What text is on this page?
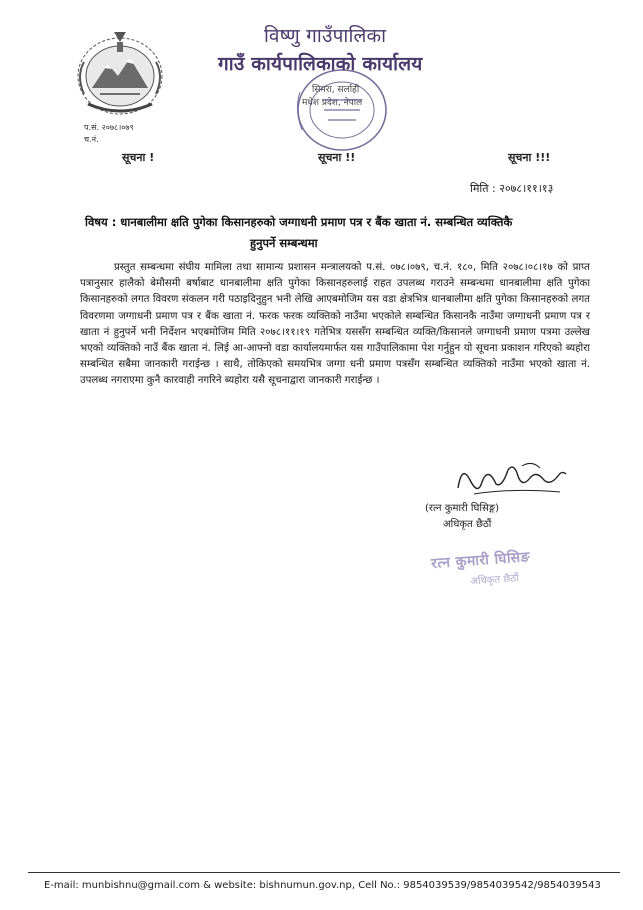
प.सं. २०७८।०७९
च.नं.
विष्णु गाउँपालिका
गाउँ कार्यपालिकाको कार्यालय
सिमरा, सर्लाही
मधेश प्रदेश, नेपाल
सूचना !	सूचना !!	सूचना !!!
मिति : २०७८।११।१३
विषय : धानबालीमा क्षति पुगेका किसानहरुको जग्गाधनी प्रमाण पत्र र बैंक खाता नं. सम्बन्धित व्यक्तिकै
हुनुपर्ने सम्बन्धमा

प्रस्तुत सम्बन्धमा संघीय मामिला तथा सामान्य प्रशासन मन्त्रालयको प.सं. ०७८।०७९, च.नं. १८०, मिति २०७८।०८।१७ को प्राप्त पत्रानुसार हालैको बेमौसमी बर्षाबाट धानबालीमा क्षति पुगेका किसानहरुलाई राहत उपलब्ध गराउने सम्बन्धमा धानबालीमा क्षति पुगेका किसानहरुको लगत विवरण संकलन गरी पठाइदिनुहुन भनी लेखि आएबमोजिम यस वडा क्षेत्रभित्र धानबालीमा क्षति पुगेका किसानहरुको लगत विवरणमा जग्गाधनी प्रमाण पत्र र बैंक खाता नं. फरक फरक व्यक्तिको नाउँमा भएकोले सम्बन्धित किसानकै नाउँमा जग्गाधनी प्रमाण पत्र र खाता नं हुनुपर्ने भनी निर्देशन भएबमोजिम मिति २०७८।११।१९ गतेभित्र यससँग सम्बन्धित व्यक्ति/किसानले जग्गाधनी प्रमाण पत्रमा उल्लेख भएको व्यक्तिको नाउँ बैंक खाता नं. लिई आ-आफ्नो वडा कार्यालयमार्फत यस गाउँपालिकामा पेश गर्नुहुन यो सूचना प्रकाशन गरिएको ब्यहोरा सम्बन्धित सबैमा जानकारी गराईन्छ । साथै, तोकिएको समयभित्र जग्गा धनी प्रमाण पत्रसँग सम्बन्धित व्यक्तिको नाउँमा भएको खाता नं. उपलब्ध नगराएमा कुनै कारवाही नगरिने ब्यहोरा यसै सूचनाद्वारा जानकारी गराईन्छ ।

(रत्न कुमारी घिसिङ्ग)
अधिकृत छैठौं
रत्न कुमारी घिसिङ
अधिकृत छैठौं
E-mail: munbishnu@gmail.com & website: bishnumun.gov.np, Cell No.: 9854039539/9854039542/9854039543
